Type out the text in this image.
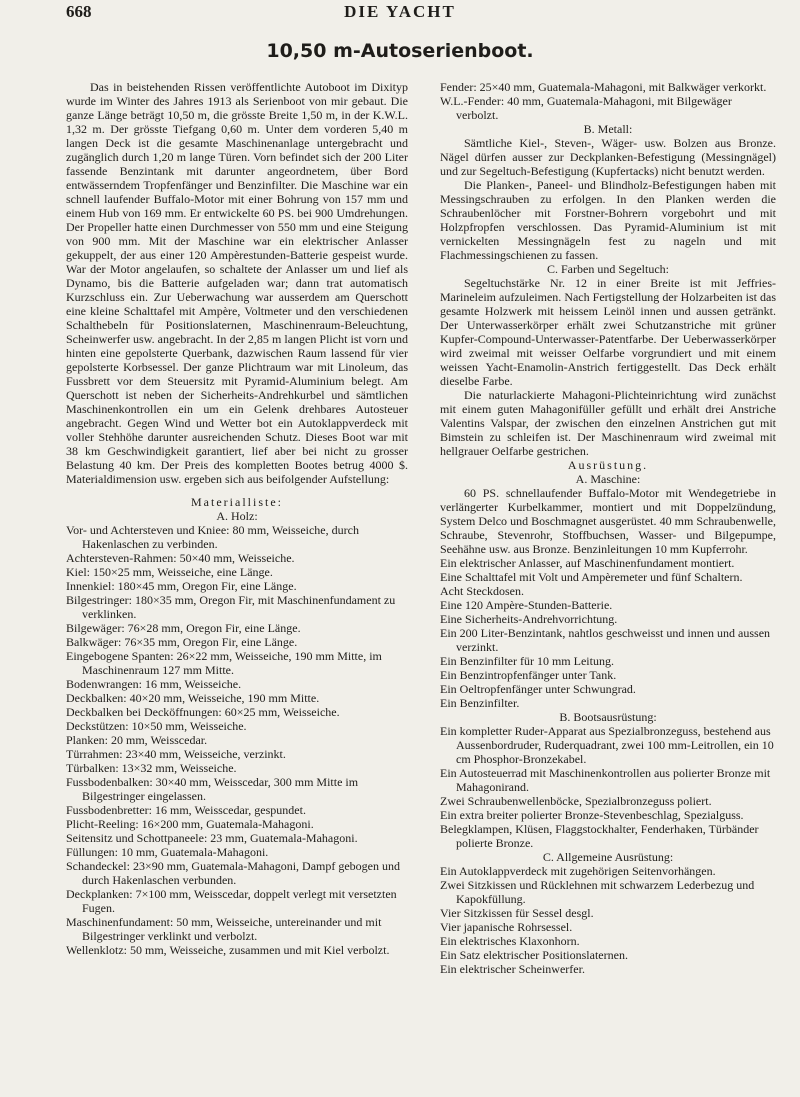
668	DIE YACHT
10,50 m-Autoserienboot.

Das in beistehenden Rissen veröffentlichte Autoboot im Dixityp wurde im Winter des Jahres 1913 als Serienboot von mir gebaut. Die ganze Länge beträgt 10,50 m, die grösste Breite 1,50 m, in der K.W.L. 1,32 m. Der grösste Tiefgang 0,60 m. Unter dem vorderen 5,40 m langen Deck ist die gesamte Maschinenanlage untergebracht und zugänglich durch 1,20 m lange Türen. Vorn befindet sich der 200 Liter fassende Benzintank mit darunter angeordnetem, über Bord entwässerndem Tropfenfänger und Benzinfilter. Die Maschine war ein schnell laufender Buffalo-Motor mit einer Bohrung von 157 mm und einem Hub von 169 mm. Er entwickelte 60 PS. bei 900 Umdrehungen. Der Propeller hatte einen Durchmesser von 550 mm und eine Steigung von 900 mm. Mit der Maschine war ein elektrischer Anlasser gekuppelt, der aus einer 120 Ampèrestunden-Batterie gespeist wurde. War der Motor angelaufen, so schaltete der Anlasser um und lief als Dynamo, bis die Batterie aufgeladen war; dann trat automatisch Kurzschluss ein. Zur Ueberwachung war ausserdem am Querschott eine kleine Schalttafel mit Ampère, Voltmeter und den verschiedenen Schalthebeln für Positionslaternen, Maschinenraum-Beleuchtung, Scheinwerfer usw. angebracht. In der 2,85 m langen Plicht ist vorn und hinten eine gepolsterte Querbank, dazwischen Raum lassend für vier gepolsterte Korbsessel. Der ganze Plichtraum war mit Linoleum, das Fussbrett vor dem Steuersitz mit Pyramid-Aluminium belegt. Am Querschott ist neben der Sicherheits-Andrehkurbel und sämtlichen Maschinenkontrollen ein um ein Gelenk drehbares Autosteuer angebracht. Gegen Wind und Wetter bot ein Autoklappverdeck mit voller Stehhöhe darunter ausreichenden Schutz. Dieses Boot war mit 38 km Geschwindigkeit garantiert, lief aber bei nicht zu grosser Belastung 40 km. Der Preis des kompletten Bootes betrug 4000 $. Materialdimension usw. ergeben sich aus beifolgender Aufstellung:

Materialliste:

A. Holz:

Vor- und Achtersteven und Kniee: 80 mm, Weisseiche, durch Hakenlaschen zu verbinden.

Achtersteven-Rahmen: 50×40 mm, Weisseiche.

Kiel: 150×25 mm, Weisseiche, eine Länge.

Innenkiel: 180×45 mm, Oregon Fir, eine Länge.

Bilgestringer: 180×35 mm, Oregon Fir, mit Maschinenfundament zu verklinken.

Bilgewäger: 76×28 mm, Oregon Fir, eine Länge.

Balkwäger: 76×35 mm, Oregon Fir, eine Länge.

Eingebogene Spanten: 26×22 mm, Weisseiche, 190 mm Mitte, im Maschinenraum 127 mm Mitte.

Bodenwrangen: 16 mm, Weisseiche.

Deckbalken: 40×20 mm, Weisseiche, 190 mm Mitte.

Deckbalken bei Decköffnungen: 60×25 mm, Weisseiche.

Deckstützen: 10×50 mm, Weisseiche.

Planken: 20 mm, Weisscedar.

Türrahmen: 23×40 mm, Weisseiche, verzinkt.

Türbalken: 13×32 mm, Weisseiche.

Fussbodenbalken: 30×40 mm, Weisscedar, 300 mm Mitte im Bilgestringer eingelassen.

Fussbodenbretter: 16 mm, Weisscedar, gespundet.

Plicht-Reeling: 16×200 mm, Guatemala-Mahagoni.

Seitensitz und Schottpaneele: 23 mm, Guatemala-Mahagoni.

Füllungen: 10 mm, Guatemala-Mahagoni.

Schandeckel: 23×90 mm, Guatemala-Mahagoni, Dampf gebogen und durch Hakenlaschen verbunden.

Deckplanken: 7×100 mm, Weisscedar, doppelt verlegt mit versetzten Fugen.

Maschinenfundament: 50 mm, Weisseiche, untereinander und mit Bilgestringer verklinkt und verbolzt.

Wellenklotz: 50 mm, Weisseiche, zusammen und mit Kiel verbolzt.

Fender: 25×40 mm, Guatemala-Mahagoni, mit Balkwäger verkorkt.

W.L.-Fender: 40 mm, Guatemala-Mahagoni, mit Bilgewäger verbolzt.

B. Metall:

Sämtliche Kiel-, Steven-, Wäger- usw. Bolzen aus Bronze. Nägel dürfen ausser zur Deckplanken-Befestigung (Messingnägel) und zur Segeltuch-Befestigung (Kupfertacks) nicht benutzt werden.

Die Planken-, Paneel- und Blindholz-Befestigungen haben mit Messingschrauben zu erfolgen. In den Planken werden die Schraubenlöcher mit Forstner-Bohrern vorgebohrt und mit Holzpfropfen verschlossen. Das Pyramid-Aluminium ist mit vernickelten Messingnägeln fest zu nageln und mit Flachmessingschienen zu fassen.

C. Farben und Segeltuch:

Segeltuchstärke Nr. 12 in einer Breite ist mit Jeffries-Marineleim aufzuleimen. Nach Fertigstellung der Holzarbeiten ist das gesamte Holzwerk mit heissem Leinöl innen und aussen getränkt. Der Unterwasserkörper erhält zwei Schutzanstriche mit grüner Kupfer-Compound-Unterwasser-Patentfarbe. Der Ueberwasserkörper wird zweimal mit weisser Oelfarbe vorgrundiert und mit einem weissen Yacht-Enamolin-Anstrich fertiggestellt. Das Deck erhält dieselbe Farbe.

Die naturlackierte Mahagoni-Plichteinrichtung wird zunächst mit einem guten Mahagonifüller gefüllt und erhält drei Anstriche Valentins Valspar, der zwischen den einzelnen Anstrichen gut mit Bimstein zu schleifen ist. Der Maschinenraum wird zweimal mit hellgrauer Oelfarbe gestrichen.

Ausrüstung.

A. Maschine:

60 PS. schnellaufender Buffalo-Motor mit Wendegetriebe in verlängerter Kurbelkammer, montiert und mit Doppelzündung, System Delco und Boschmagnet ausgerüstet. 40 mm Schraubenwelle, Schraube, Stevenrohr, Stoffbuchsen, Wasser- und Bilgepumpe, Seehähne usw. aus Bronze. Benzinleitungen 10 mm Kupferrohr.

Ein elektrischer Anlasser, auf Maschinenfundament montiert.

Eine Schalttafel mit Volt und Ampèremeter und fünf Schaltern.

Acht Steckdosen.

Eine 120 Ampère-Stunden-Batterie.

Eine Sicherheits-Andrehvorrichtung.

Ein 200 Liter-Benzintank, nahtlos geschweisst und innen und aussen verzinkt.

Ein Benzinfilter für 10 mm Leitung.

Ein Benzintropfenfänger unter Tank.

Ein Oeltropfenfänger unter Schwungrad.

Ein Benzinfilter.

B. Bootsausrüstung:

Ein kompletter Ruder-Apparat aus Spezialbronzeguss, bestehend aus Aussenbordruder, Ruderquadrant, zwei 100 mm-Leitrollen, ein 10 cm Phosphor-Bronzekabel.

Ein Autosteuerrad mit Maschinenkontrollen aus polierter Bronze mit Mahagonirand.

Zwei Schraubenwellenböcke, Spezialbronzeguss poliert.

Ein extra breiter polierter Bronze-Stevenbeschlag, Spezialguss.

Belegklampen, Klüsen, Flaggstockhalter, Fenderhaken, Türbänder polierte Bronze.

C. Allgemeine Ausrüstung:

Ein Autoklappverdeck mit zugehörigen Seitenvorhängen.

Zwei Sitzkissen und Rücklehnen mit schwarzem Lederbezug und Kapokfüllung.

Vier Sitzkissen für Sessel desgl.

Vier japanische Rohrsessel.

Ein elektrisches Klaxonhorn.

Ein Satz elektrischer Positionslaternen.

Ein elektrischer Scheinwerfer.
